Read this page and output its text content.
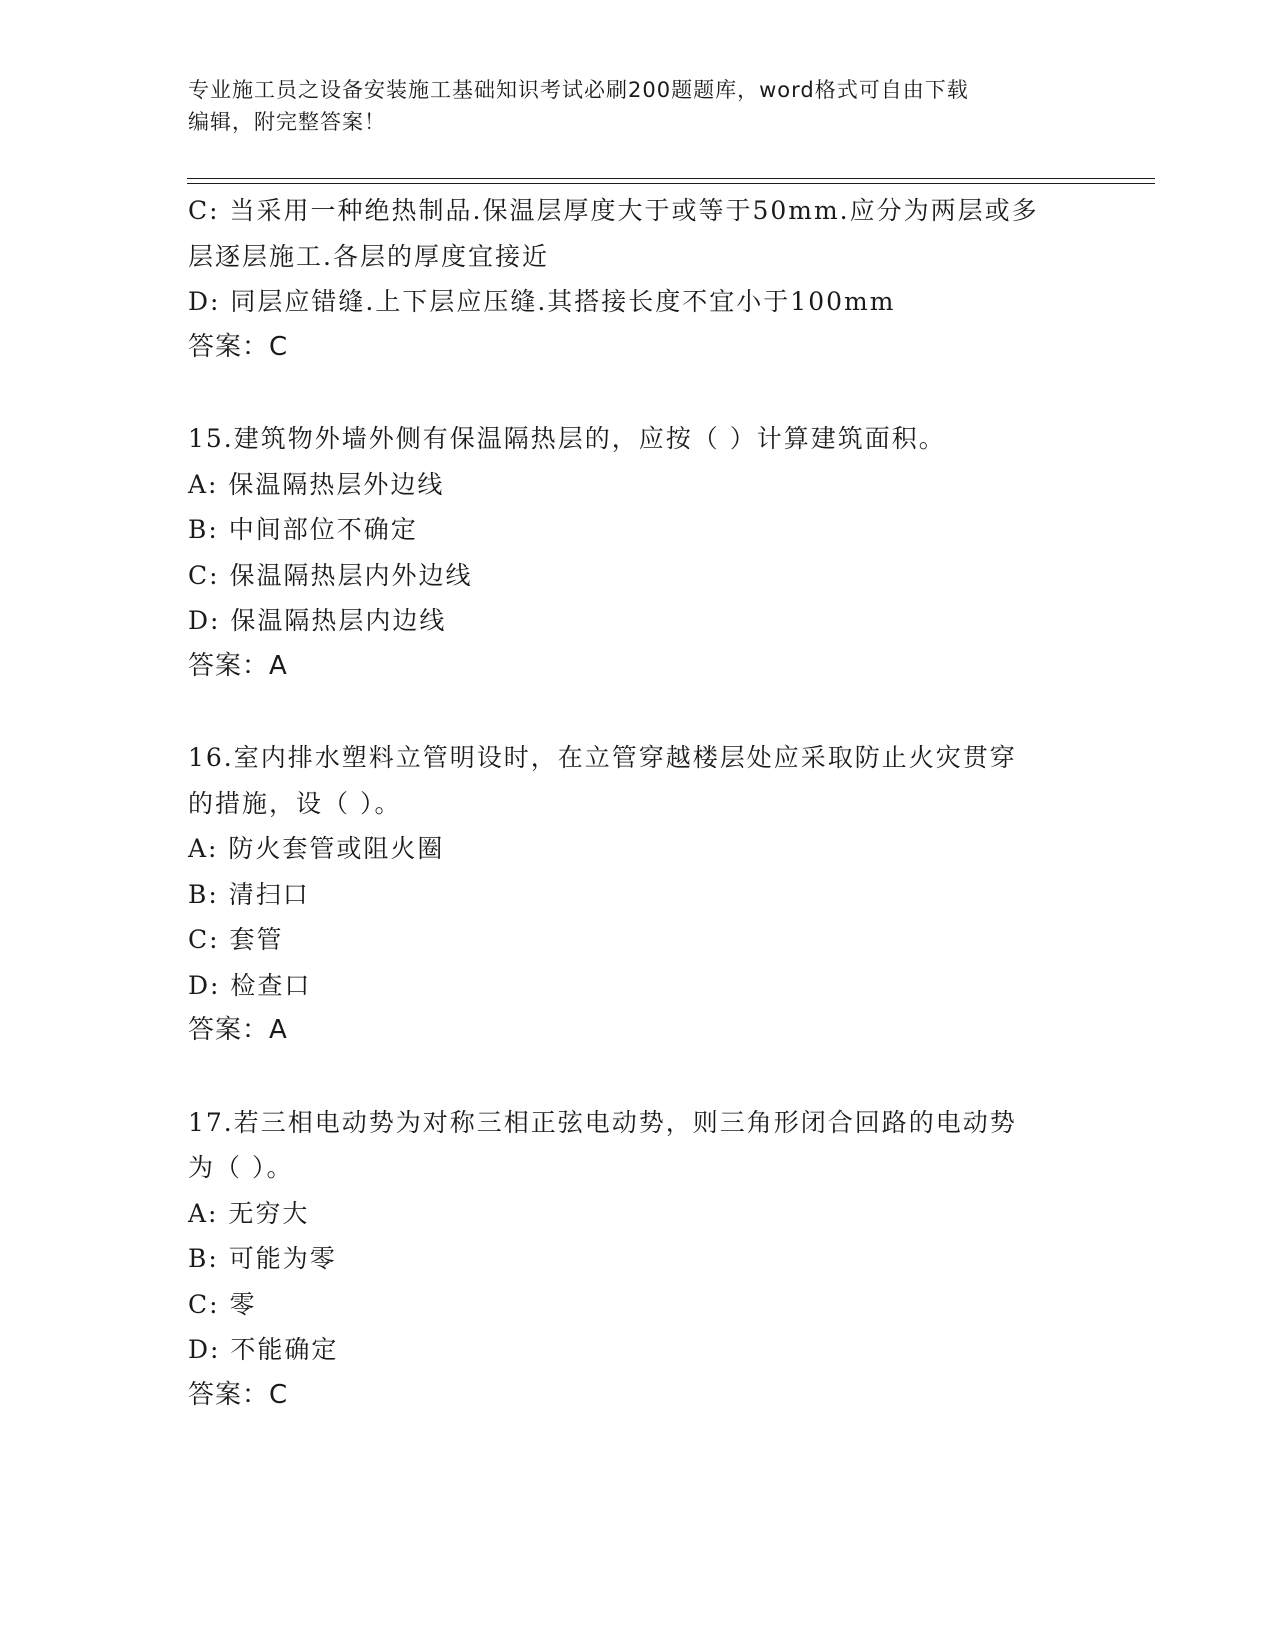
专业施工员之设备安装施工基础知识考试必刷200题题库，word格式可自由下载
编辑，附完整答案！
C: 当采用一种绝热制品.保温层厚度大于或等于50mm.应分为两层或多
层逐层施工.各层的厚度宜接近
D: 同层应错缝.上下层应压缝.其搭接长度不宜小于100mm
答案：C
15.建筑物外墙外侧有保温隔热层的，应按（ ）计算建筑面积。
A: 保温隔热层外边线
B: 中间部位不确定
C: 保温隔热层内外边线
D: 保温隔热层内边线
答案：A
16.室内排水塑料立管明设时，在立管穿越楼层处应采取防止火灾贯穿
的措施，设（ ）。
A: 防火套管或阻火圈
B: 清扫口
C: 套管
D: 检查口
答案：A
17.若三相电动势为对称三相正弦电动势，则三角形闭合回路的电动势
为（ ）。
A: 无穷大
B: 可能为零
C: 零
D: 不能确定
答案：C
